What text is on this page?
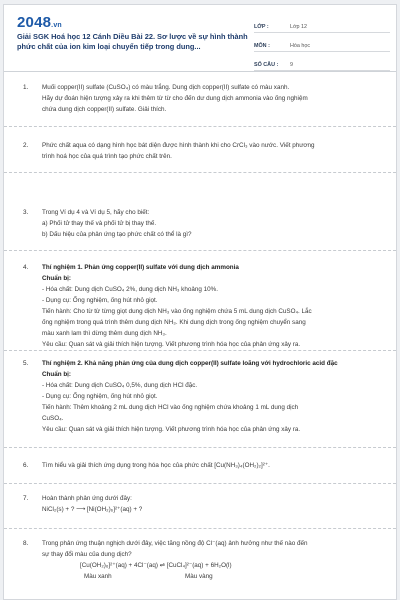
2048.vn
Giải SGK Hoá học 12 Cánh Diều Bài 22. Sơ lược về sự hình thành phức chất của ion kim loại chuyển tiếp trong dung...
LỚP :	Lớp 12
MÔN :	Hóa học
SỐ CÂU :	9
1. Muối copper(II) sulfate (CuSO₄) có màu trắng. Dung dịch copper(II) sulfate có màu xanh.
Hãy dự đoán hiện tượng xảy ra khi thêm từ từ cho đến dư dung dịch ammonia vào ống nghiệm
chứa dung dịch copper(II) sulfate. Giải thích.
2. Phức chất aqua có dạng hình học bát diện được hình thành khi cho CrCl₃ vào nước. Viết phương
trình hoá học của quá trình tạo phức chất trên.
3. Trong Ví dụ 4 và Ví dụ 5, hãy cho biết:
a) Phối tử thay thế và phối tử bị thay thế.
b) Dấu hiệu của phản ứng tạo phức chất có thể là gì?
4. Thí nghiệm 1. Phản ứng copper(II) sulfate với dung dịch ammonia
Chuẩn bị:
- Hóa chất: Dung dịch CuSO₄ 2%, dung dịch NH₃ khoảng 10%.
- Dụng cụ: Ống nghiệm, ống hút nhỏ giọt.
Tiến hành: Cho từ từ từng giọt dung dịch NH₃ vào ống nghiệm chứa 5 mL dung dịch CuSO₄. Lắc
ống nghiệm trong quá trình thêm dung dịch NH₃. Khi dung dịch trong ống nghiệm chuyển sang
màu xanh lam thì dừng thêm dung dịch NH₃.
Yêu cầu: Quan sát và giải thích hiện tượng. Viết phương trình hóa học của phản ứng xảy ra.
5. Thí nghiệm 2. Khả năng phản ứng của dung dịch copper(II) sulfate loãng với hydrochloric acid đặc
Chuẩn bị:
- Hóa chất: Dung dịch CuSO₄ 0,5%, dung dịch HCl đặc.
- Dụng cụ: Ống nghiệm, ống hút nhỏ giọt.
Tiến hành: Thêm khoảng 2 mL dung dịch HCl vào ống nghiệm chứa khoảng 1 mL dung dịch
CuSO₄.
Yêu cầu: Quan sát và giải thích hiện tượng. Viết phương trình hóa học của phản ứng xảy ra.
6. Tìm hiểu và giải thích ứng dụng trong hóa học của phức chất [Cu(NH₃)₄(OH₂)₂]²⁺.
7. Hoàn thành phản ứng dưới đây:
NiCl₂(s) + ? ⟶ [Ni(OH₂)₆]²⁺(aq) + ?
8. Trong phản ứng thuận nghịch dưới đây, việc tăng nồng độ Cl⁻(aq) ảnh hưởng như thế nào đến
sự thay đổi màu của dung dịch?
[Cu(OH₂)₆]²⁺(aq) + 4Cl⁻(aq) ⇌ [CuCl₄]²⁻(aq) + 6H₂O(l)
Màu xanh	Màu vàng
